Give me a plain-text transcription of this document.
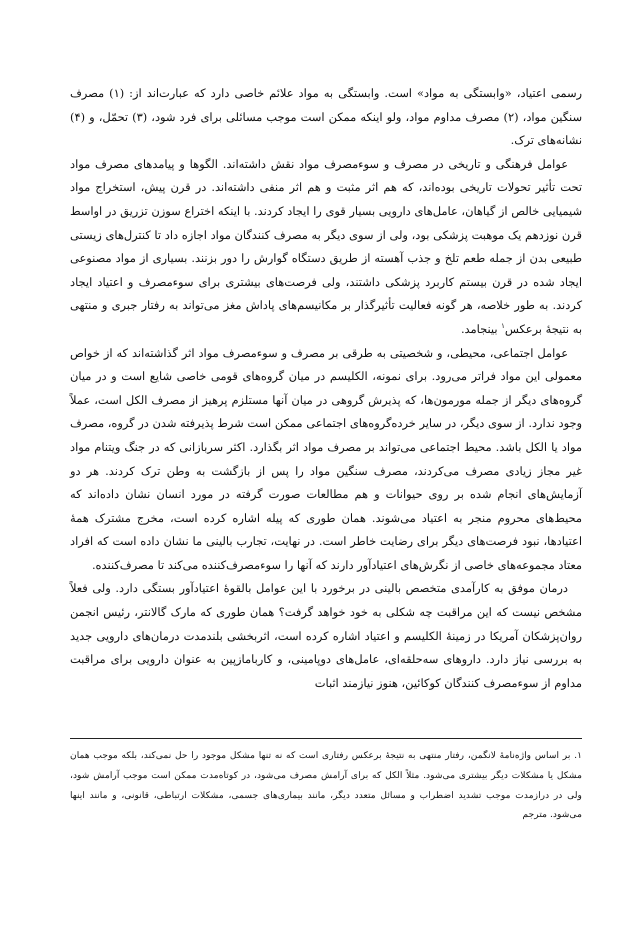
رسمی اعتیاد، «وابستگی به مواد» است. وابستگی به مواد علائم خاصی دارد که عبارت‌اند از: (۱) مصرف سنگین مواد، (۲) مصرف مداوم مواد، ولو اینکه ممکن است موجب مسائلی برای فرد شود، (۳) تحمّل، و (۴) نشانه‌های ترک.

عوامل فرهنگی و تاریخی در مصرف و سوء‌مصرف مواد نقش داشته‌اند. الگوها و پیامدهای مصرف مواد تحت تأثیر تحولات تاریخی بوده‌اند، که هم اثر مثبت و هم اثر منفی داشته‌اند. در قرن پیش، استخراج مواد شیمیایی خالص از گیاهان، عامل‌های دارویی بسیار قوی را ایجاد کردند. با اینکه اختراع سوزن تزریق در اواسط قرن نوزدهم یک موهبت پزشکی بود، ولی از سوی دیگر به مصرف کنندگان مواد اجازه داد تا کنترل‌های زیستی طبیعی بدن از جمله طعم تلخ و جذب آهسته از طریق دستگاه گوارش را دور بزنند. بسیاری از مواد مصنوعی ایجاد شده در قرن بیستم کاربرد پزشکی داشتند، ولی فرصت‌های بیشتری برای سوء‌مصرف و اعتیاد ایجاد کردند. به طور خلاصه، هر گونه فعالیت تأثیرگذار بر مکانیسم‌های پاداش مغز می‌تواند به رفتار جبری و منتهی به نتیجهٔ برعکس$^۱$ بینجامد.

عوامل اجتماعی، محیطی، و شخصیتی به طرقی بر مصرف و سوء‌مصرف مواد اثر گذاشته‌اند که از خواص معمولی این مواد فراتر می‌رود. برای نمونه، الکلیسم در میان گروه‌های قومی خاصی شایع است و در میان گروه‌های دیگر از جمله مورمون‌ها، که پذیرش گروهی در میان آنها مستلزم پرهیز از مصرف الکل است، عملاً وجود ندارد. از سوی دیگر، در سایر خرده‌گروه‌های اجتماعی ممکن است شرط پذیرفته شدن در گروه، مصرف مواد یا الکل باشد. محیط اجتماعی می‌تواند بر مصرف مواد اثر بگذارد. اکثر سربازانی که در جنگ ویتنام مواد غیر مجاز زیادی مصرف می‌کردند، مصرف سنگین مواد را پس از بازگشت به وطن ترک کردند. هر دو آزمایش‌های انجام شده بر روی حیوانات و هم مطالعات صورت گرفته در مورد انسان نشان داده‌اند که محیط‌های محروم منجر به اعتیاد می‌شوند. همان طوری که پیله اشاره کرده است، مخرج مشترک همهٔ اعتیادها، نبود فرصت‌های دیگر برای رضایت خاطر است. در نهایت، تجارب بالینی ما نشان داده است که افراد معتاد مجموعه‌های خاصی از نگرش‌های اعتیادآور دارند که آنها را سوء‌مصرف‌کننده می‌کند تا مصرف‌کننده.

درمان موفق به کارآمدی متخصص بالینی در برخورد با این عوامل بالقوهٔ اعتیادآور بستگی دارد. ولی فعلاً مشخص نیست که این مراقبت چه شکلی به خود خواهد گرفت؟ همان طوری که مارک گالانتر، رئیس انجمن روان‌پزشکان آمریکا در زمینهٔ الکلیسم و اعتیاد اشاره کرده است، اثربخشی بلندمدت درمان‌های دارویی جدید به بررسی نیاز دارد. داروهای سه‌حلقه‌ای، عامل‌های دوپامینی، و کاربامازپین به عنوان دارویی برای مراقبت مداوم از سوء‌مصرف کنندگان کوکائین، هنوز نیازمند اثبات

۱. بر اساس واژه‌نامهٔ لانگمن، رفتار منتهی به نتیجهٔ برعکس رفتاری است که نه تنها مشکل موجود را حل نمی‌کند، بلکه موجب همان مشکل یا مشکلات دیگر بیشتری می‌شود. مثلاً الکل که برای آرامش مصرف می‌شود، در کوتاه‌مدت ممکن است موجب آرامش شود، ولی در درازمدت موجب تشدید اضطراب و مسائل متعدد دیگر، مانند بیماری‌های جسمی، مشکلات ارتباطی، قانونی، و مانند اینها می‌شود. مترجم
